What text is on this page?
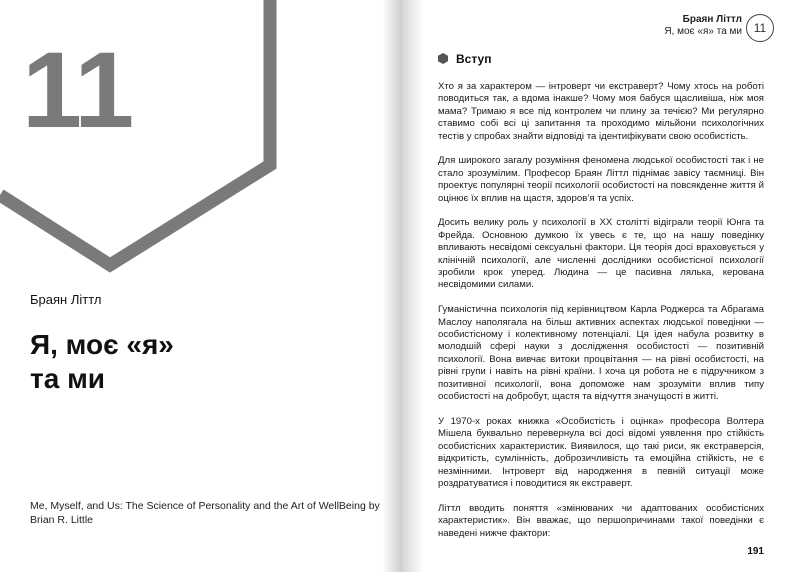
11
Браян Літтл
Я, моє «я»
та ми
Me, Myself, and Us: The Science of Personality and the Art of WellBeing by Brian R. Little
Браян Літтл
Я, моє «я» та ми 11
Вступ

Хто я за характером — інтроверт чи екстраверт? Чому хтось на роботі поводиться так, а вдома інакше? Чому моя бабуся щасливіша, ніж моя мама? Тримаю я все під контролем чи плину за течією? Ми регулярно ставимо собі всі ці запитання та проходимо мільйони психологічних тестів у спробах знайти відповіді та ідентифікувати свою особистість.

Для широкого загалу розуміння феномена людської особистості так і не стало зрозумілим. Професор Браян Літтл піднімає завісу таємниці. Він проектує популярні теорії психології особистості на повсякденне життя й оцінює їх вплив на щастя, здоров’я та успіх.

Досить велику роль у психології в ХХ столітті відіграли теорії Юнга та Фрейда. Основною думкою їх увесь є те, що на нашу поведінку впливають несвідомі сексуальні фактори. Ця теорія досі враховується у клінічній психології, але численні дослідники особистісної психології зробили крок уперед. Людина — це пасивна лялька, керована несвідомими силами.

Гуманістична психологія під керівництвом Карла Роджерса та Абрагама Маслоу наполягала на більш активних аспектах людської поведінки — особистісному і колективному потенціалі. Ця ідея набула розвитку в молодшій сфері науки з дослідження особистості — позитивній психології. Вона вивчає витоки процвітання — на рівні особистості, на рівні групи і навіть на рівні країни. І хоча ця робота не є підручником з позитивної психології, вона допоможе нам зрозуміти вплив типу особистості на добробут, щастя та відчуття значущості в житті.

У 1970-х роках книжка «Особистість і оцінка» професора Волтера Мішела буквально перевернула всі досі відомі уявлення про стійкість особистісних характеристик. Виявилося, що такі риси, як екстраверсія, відкритість, сумлінність, доброзичливість та емоційна стійкість, не є незмінними. Інтроверт від народження в певній ситуації може роздратуватися і поводитися як екстраверт.

Літтл вводить поняття «змінюваних чи адаптованих особистісних характеристик». Він вважає, що першопричинами такої поведінки є наведені нижче фактори:

191
